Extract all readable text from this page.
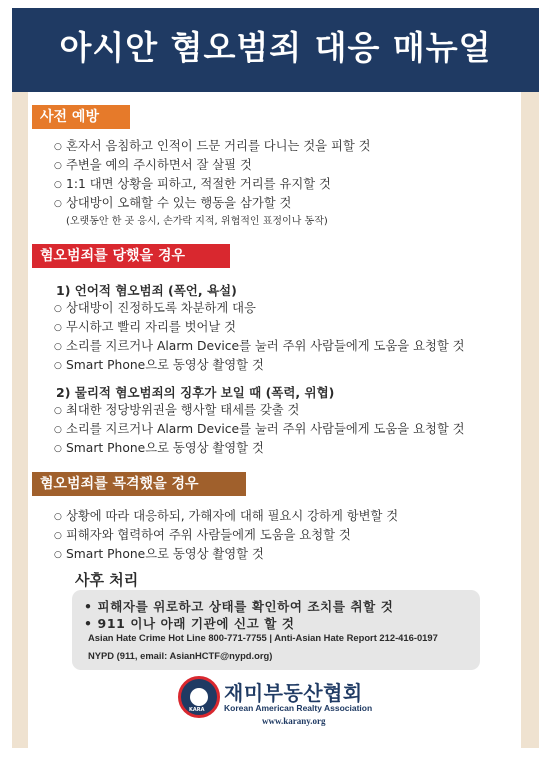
아시안 혐오범죄 대응 매뉴얼
사전 예방
○ 혼자서 음침하고 인적이 드문 거리를 다니는 것을 피할 것
○ 주변을 예의 주시하면서 잘 살필 것
○ 1:1 대면 상황을 피하고, 적절한 거리를 유지할 것
○ 상대방이 오해할 수 있는 행동을 삼가할 것
(오랫동안 한 곳 응시, 손가락 지적, 위협적인 표정이나 동작)
혐오범죄를 당했을 경우
1) 언어적 혐오범죄 (폭언, 욕설)
○ 상대방이 진정하도록 차분하게 대응
○ 무시하고 빨리 자리를 벗어날 것
○ 소리를 지르거나 Alarm Device를 눌러 주위 사람들에게 도움을 요청할 것
○ Smart Phone으로 동영상 촬영할 것
2) 물리적 혐오범죄의 징후가 보일 때 (폭력, 위협)
○ 최대한 정당방위권을 행사할 태세를 갖출 것
○ 소리를 지르거나 Alarm Device를 눌러 주위 사람들에게 도움을 요청할 것
○ Smart Phone으로 동영상 촬영할 것
혐오범죄를 목격했을 경우
○ 상황에 따라 대응하되, 가해자에 대해 필요시 강하게 항변할 것
○ 피해자와 협력하여 주위 사람들에게 도움을 요청할 것
○ Smart Phone으로 동영상 촬영할 것
사후 처리
• 피해자를 위로하고 상태를 확인하여 조치를 취할 것
• 911 이나 아래 기관에 신고 할 것
Asian Hate Crime Hot Line 800-771-7755 | Anti-Asian Hate Report 212-416-0197
NYPD (911, email: AsianHCTF@nypd.org)
KARA
재미부동산협회
Korean American Realty Association
www.karany.org
